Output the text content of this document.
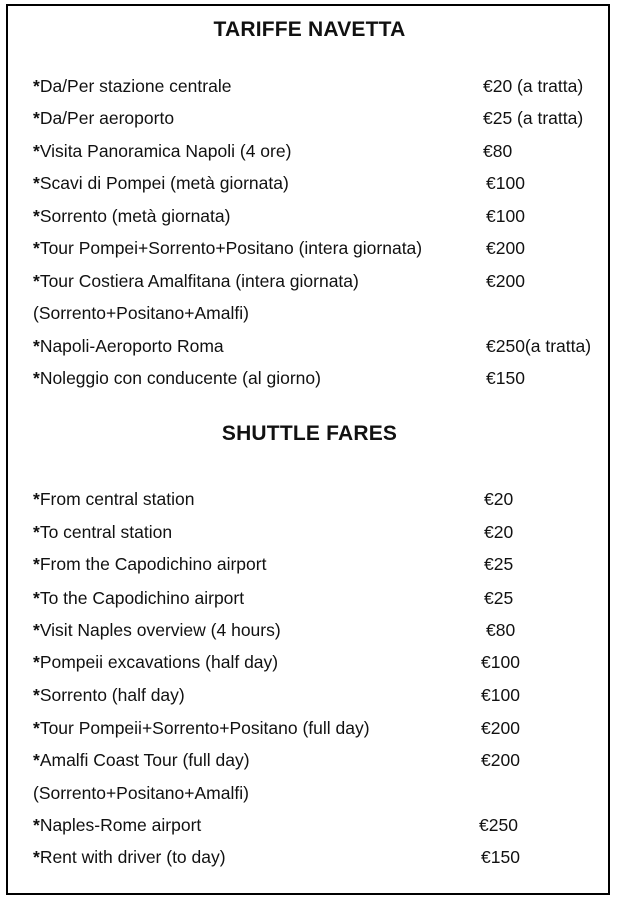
TARIFFE NAVETTA
*Da/Per stazione centrale	€20 (a tratta)
*Da/Per aeroporto	€25 (a tratta)
*Visita Panoramica Napoli (4 ore)	€80
*Scavi di Pompei (metà giornata)	€100
*Sorrento (metà giornata)	€100
*Tour Pompei+Sorrento+Positano (intera giornata)	€200
*Tour Costiera Amalfitana (intera giornata)	€200
(Sorrento+Positano+Amalfi)
*Napoli-Aeroporto Roma	€250(a tratta)
*Noleggio con conducente (al giorno)	€150
SHUTTLE FARES
*From central station	€20
*To central station	€20
*From the Capodichino airport	€25
*To the Capodichino airport	€25
*Visit Naples overview (4 hours)	€80
*Pompeii excavations (half day)	€100
*Sorrento (half day)	€100
*Tour Pompeii+Sorrento+Positano (full day)	€200
*Amalfi Coast Tour (full day)	€200
(Sorrento+Positano+Amalfi)
*Naples-Rome airport	€250
*Rent with driver (to day)	€150
